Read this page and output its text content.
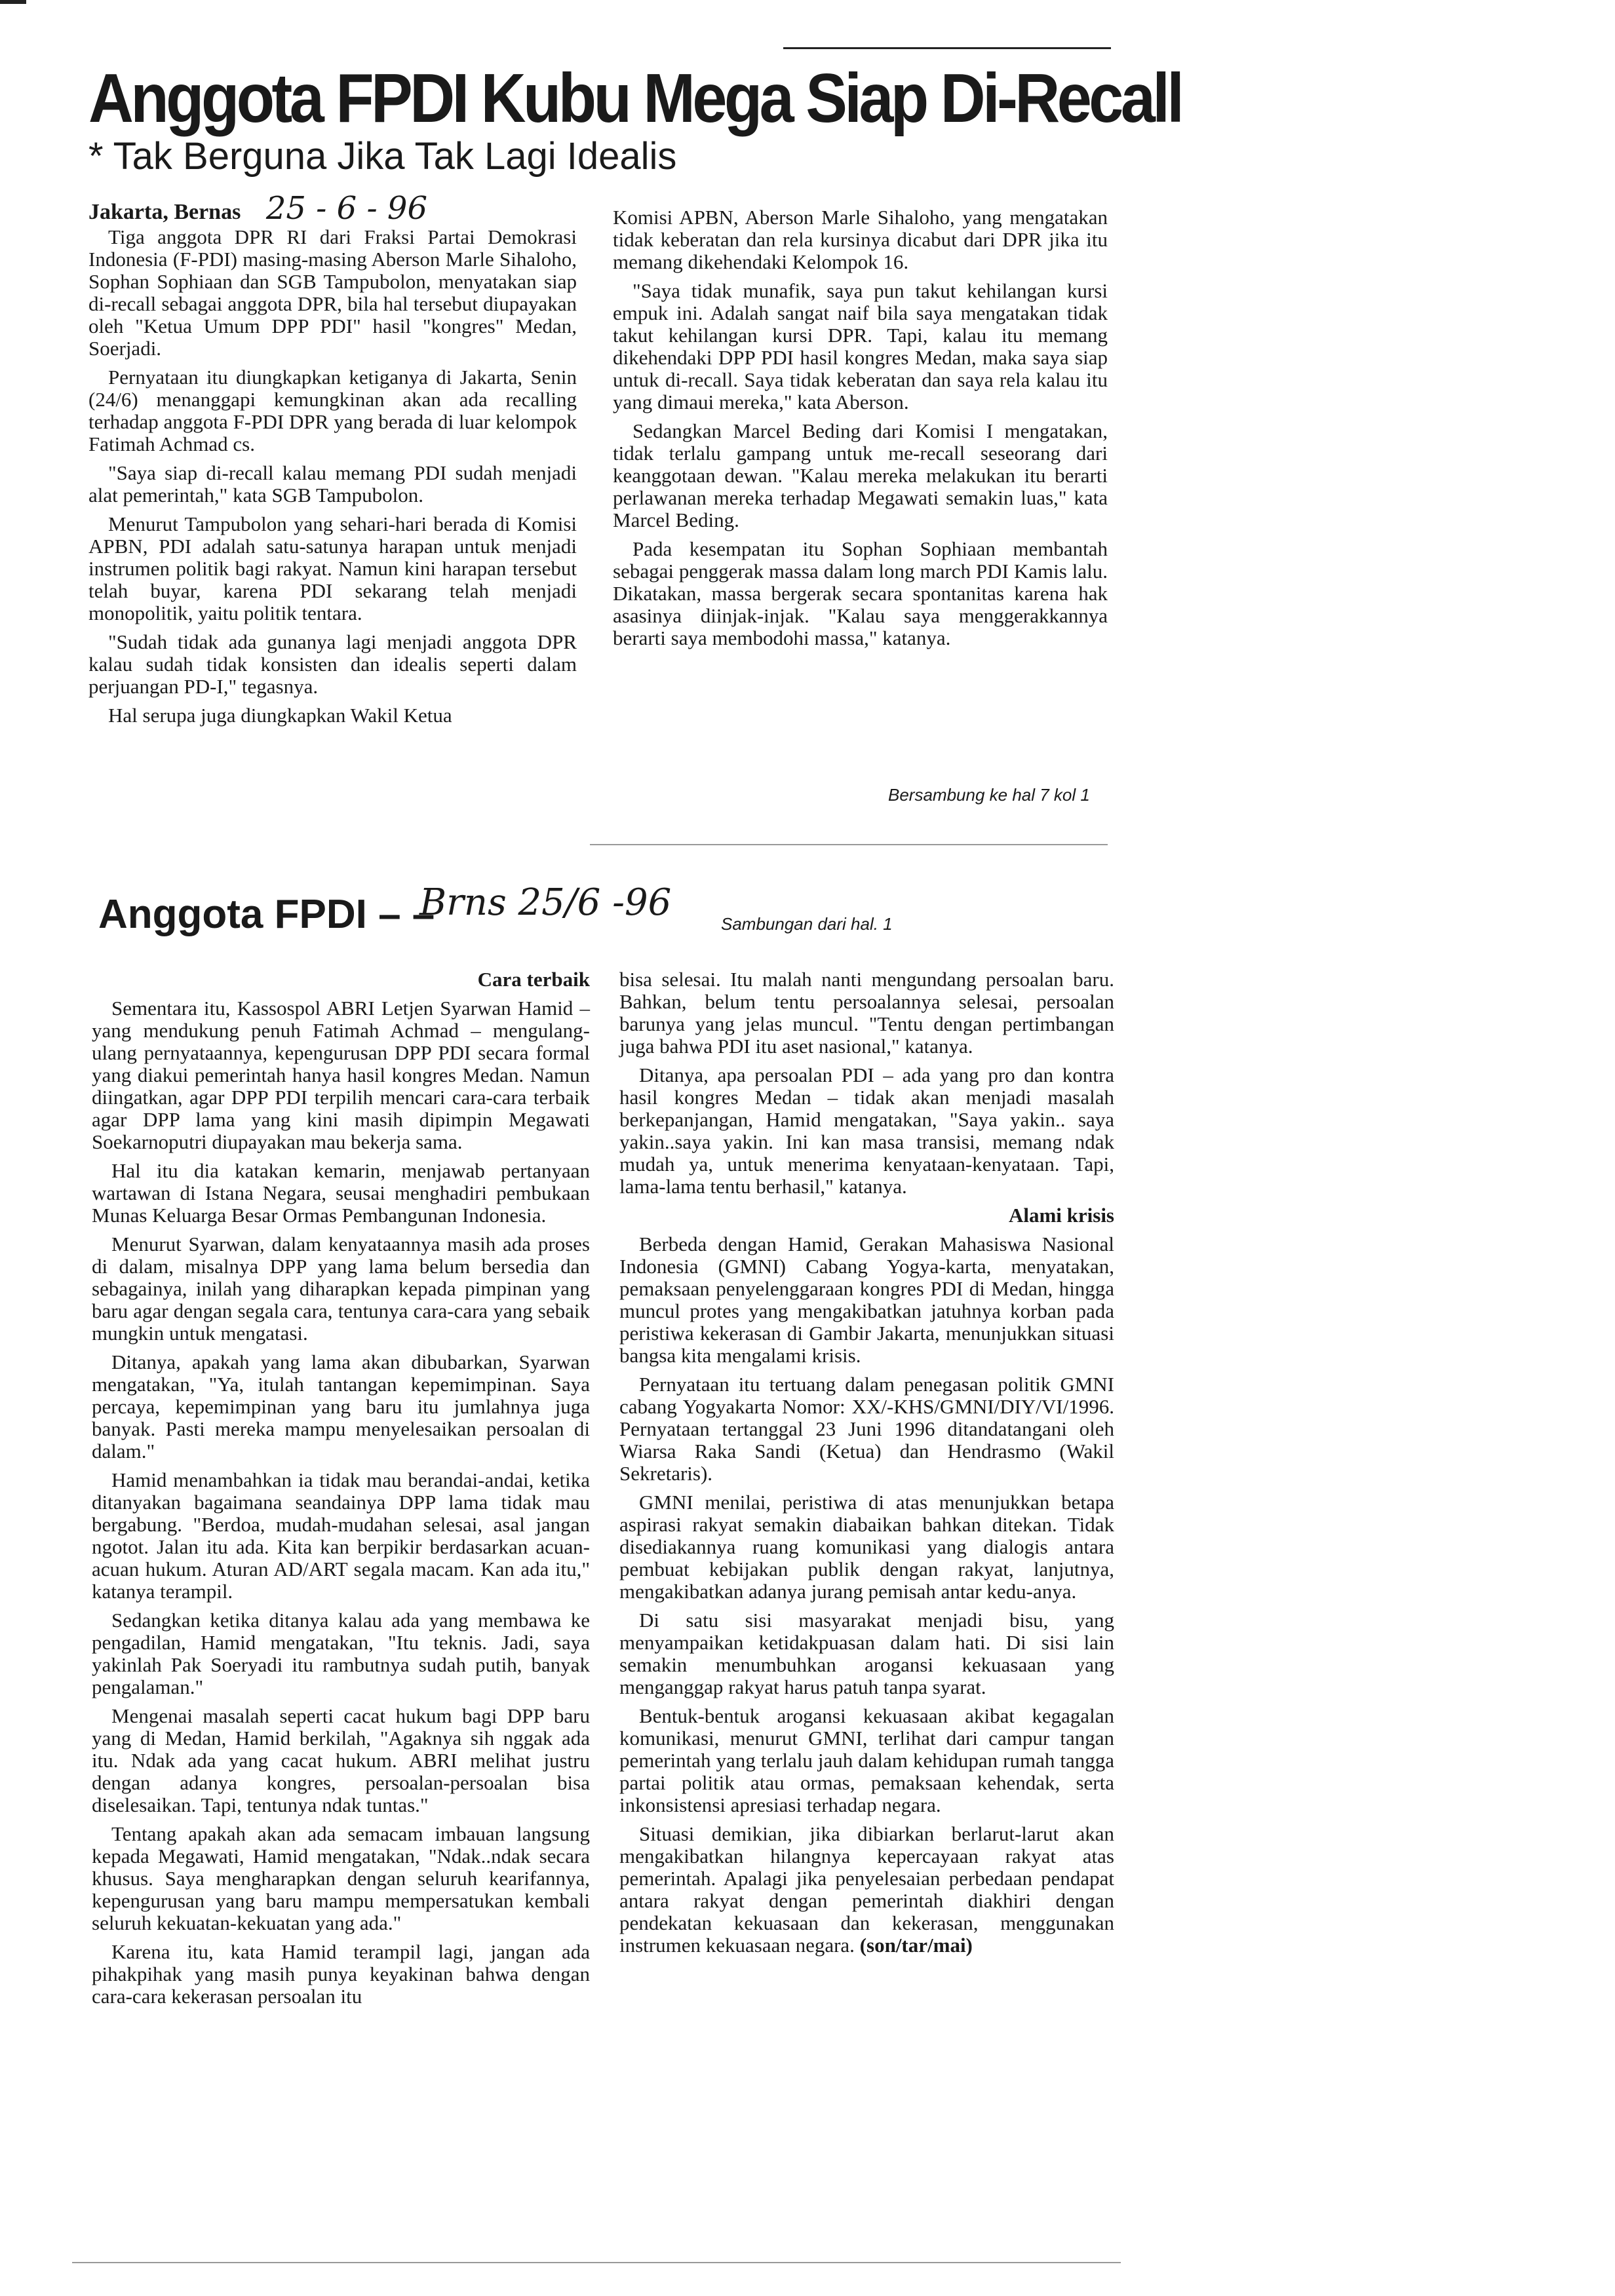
Anggota FPDI Kubu Mega Siap Di-Recall
* Tak Berguna Jika Tak Lagi Idealis
Jakarta, Bernas 25 - 6 - 96

Tiga anggota DPR RI dari Fraksi Partai Demokrasi Indonesia (F-PDI) masing-masing Aberson Marle Sihaloho, Sophan Sophiaan dan SGB Tampubolon, menyatakan siap di-recall sebagai anggota DPR, bila hal tersebut diupayakan oleh "Ketua Umum DPP PDI" hasil "kongres" Medan, Soerjadi.

Pernyataan itu diungkapkan ketiganya di Jakarta, Senin (24/6) menanggapi kemungkinan akan ada recalling terhadap anggota F-PDI DPR yang berada di luar kelompok Fatimah Achmad cs.

"Saya siap di-recall kalau memang PDI sudah menjadi alat pemerintah," kata SGB Tampubolon.

Menurut Tampubolon yang sehari-hari berada di Komisi APBN, PDI adalah satu-satunya harapan untuk menjadi instrumen politik bagi rakyat. Namun kini harapan tersebut telah buyar, karena PDI sekarang telah menjadi monopolitik, yaitu politik tentara.

"Sudah tidak ada gunanya lagi menjadi anggota DPR kalau sudah tidak konsisten dan idealis seperti dalam perjuangan PD-I," tegasnya.

Hal serupa juga diungkapkan Wakil Ketua

Komisi APBN, Aberson Marle Sihaloho, yang mengatakan tidak keberatan dan rela kursinya dicabut dari DPR jika itu memang dikehendaki Kelompok 16.

"Saya tidak munafik, saya pun takut kehilangan kursi empuk ini. Adalah sangat naif bila saya mengatakan tidak takut kehilangan kursi DPR. Tapi, kalau itu memang dikehendaki DPP PDI hasil kongres Medan, maka saya siap untuk di-recall. Saya tidak keberatan dan saya rela kalau itu yang dimaui mereka," kata Aberson.

Sedangkan Marcel Beding dari Komisi I mengatakan, tidak terlalu gampang untuk me-recall seseorang dari keanggotaan dewan. "Kalau mereka melakukan itu berarti perlawanan mereka terhadap Megawati semakin luas," kata Marcel Beding.

Pada kesempatan itu Sophan Sophiaan membantah sebagai penggerak massa dalam long march PDI Kamis lalu. Dikatakan, massa bergerak secara spontanitas karena hak asasinya diinjak-injak. "Kalau saya menggerakkannya berarti saya membodohi massa," katanya.

Bersambung ke hal 7 kol 1
Anggota FPDI – –
Brns 25/6 -96	Sambungan dari hal. 1

Cara terbaik

Sementara itu, Kassospol ABRI Letjen Syarwan Hamid – yang mendukung penuh Fatimah Achmad – mengulang-ulang pernyataannya, kepengurusan DPP PDI secara formal yang diakui pemerintah hanya hasil kongres Medan. Namun diingatkan, agar DPP PDI terpilih mencari cara-cara terbaik agar DPP lama yang kini masih dipimpin Megawati Soekarnoputri diupayakan mau bekerja sama.

Hal itu dia katakan kemarin, menjawab pertanyaan wartawan di Istana Negara, seusai menghadiri pembukaan Munas Keluarga Besar Ormas Pembangunan Indonesia.

Menurut Syarwan, dalam kenyataannya masih ada proses di dalam, misalnya DPP yang lama belum bersedia dan sebagainya, inilah yang diharapkan kepada pimpinan yang baru agar dengan segala cara, tentunya cara-cara yang sebaik mungkin untuk mengatasi.

Ditanya, apakah yang lama akan dibubarkan, Syarwan mengatakan, "Ya, itulah tantangan kepemimpinan. Saya percaya, kepemimpinan yang baru itu jumlahnya juga banyak. Pasti mereka mampu menyelesaikan persoalan di dalam."

Hamid menambahkan ia tidak mau berandai-andai, ketika ditanyakan bagaimana seandainya DPP lama tidak mau bergabung. "Berdoa, mudah-mudahan selesai, asal jangan ngotot. Jalan itu ada. Kita kan berpikir berdasarkan acuan-acuan hukum. Aturan AD/ART segala macam. Kan ada itu," katanya terampil.

Sedangkan ketika ditanya kalau ada yang membawa ke pengadilan, Hamid mengatakan, "Itu teknis. Jadi, saya yakinlah Pak Soeryadi itu rambutnya sudah putih, banyak pengalaman."

Mengenai masalah seperti cacat hukum bagi DPP baru yang di Medan, Hamid berkilah, "Agaknya sih nggak ada itu. Ndak ada yang cacat hukum. ABRI melihat justru dengan adanya kongres, persoalan-persoalan bisa diselesaikan. Tapi, tentunya ndak tuntas."

Tentang apakah akan ada semacam imbauan langsung kepada Megawati, Hamid mengatakan, "Ndak..ndak secara khusus. Saya mengharapkan dengan seluruh kearifannya, kepengurusan yang baru mampu mempersatukan kembali seluruh kekuatan-kekuatan yang ada."

Karena itu, kata Hamid terampil lagi, jangan ada pihakpihak yang masih punya keyakinan bahwa dengan cara-cara kekerasan persoalan itu

bisa selesai. Itu malah nanti mengundang persoalan baru. Bahkan, belum tentu persoalannya selesai, persoalan barunya yang jelas muncul. "Tentu dengan pertimbangan juga bahwa PDI itu aset nasional," katanya.

Ditanya, apa persoalan PDI – ada yang pro dan kontra hasil kongres Medan – tidak akan menjadi masalah berkepanjangan, Hamid mengatakan, "Saya yakin.. saya yakin..saya yakin. Ini kan masa transisi, memang ndak mudah ya, untuk menerima kenyataan-kenyataan. Tapi, lama-lama tentu berhasil," katanya.

Alami krisis

Berbeda dengan Hamid, Gerakan Mahasiswa Nasional Indonesia (GMNI) Cabang Yogya-karta, menyatakan, pemaksaan penyelenggaraan kongres PDI di Medan, hingga muncul protes yang mengakibatkan jatuhnya korban pada peristiwa kekerasan di Gambir Jakarta, menunjukkan situasi bangsa kita mengalami krisis.

Pernyataan itu tertuang dalam penegasan politik GMNI cabang Yogyakarta Nomor: XX/-KHS/GMNI/DIY/VI/1996. Pernyataan tertanggal 23 Juni 1996 ditandatangani oleh Wiarsa Raka Sandi (Ketua) dan Hendrasmo (Wakil Sekretaris).

GMNI menilai, peristiwa di atas menunjukkan betapa aspirasi rakyat semakin diabaikan bahkan ditekan. Tidak disediakannya ruang komunikasi yang dialogis antara pembuat kebijakan publik dengan rakyat, lanjutnya, mengakibatkan adanya jurang pemisah antar kedu-anya.

Di satu sisi masyarakat menjadi bisu, yang menyampaikan ketidakpuasan dalam hati. Di sisi lain semakin menumbuhkan arogansi kekuasaan yang menganggap rakyat harus patuh tanpa syarat.

Bentuk-bentuk arogansi kekuasaan akibat kegagalan komunikasi, menurut GMNI, terlihat dari campur tangan pemerintah yang terlalu jauh dalam kehidupan rumah tangga partai politik atau ormas, pemaksaan kehendak, serta inkonsistensi apresiasi terhadap negara.

Situasi demikian, jika dibiarkan berlarut-larut akan mengakibatkan hilangnya kepercayaan rakyat atas pemerintah. Apalagi jika penyelesaian perbedaan pendapat antara rakyat dengan pemerintah diakhiri dengan pendekatan kekuasaan dan kekerasan, menggunakan instrumen kekuasaan negara. (son/tar/mai)
